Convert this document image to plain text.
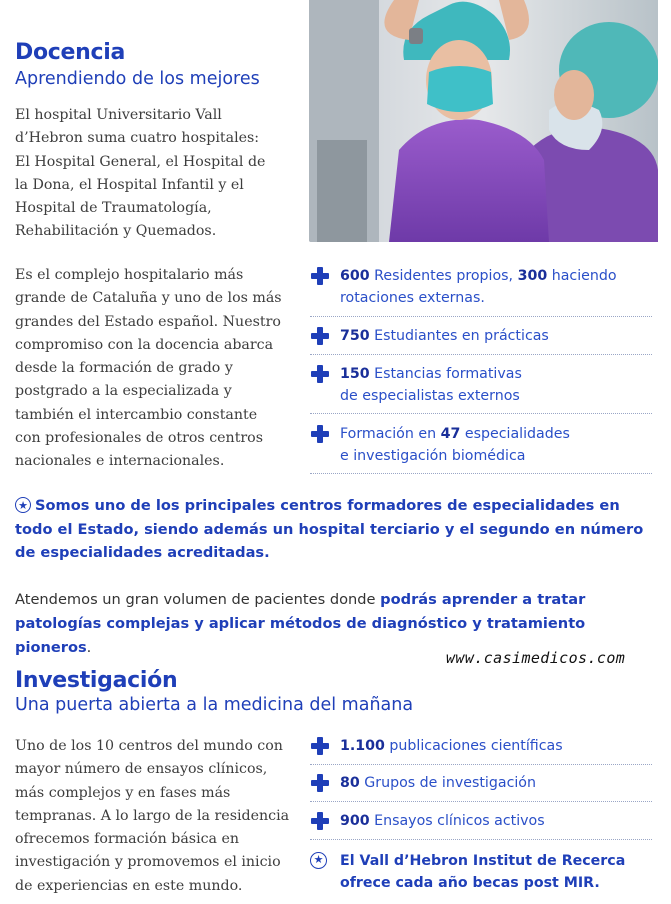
Docencia
Aprendiendo de los mejores
El hospital Universitario Vall
d’Hebron suma cuatro hospitales:
El Hospital General, el Hospital de
la Dona, el Hospital Infantil y el
Hospital de Traumatología,
Rehabilitación y Quemados.
Es el complejo hospitalario más
grande de Cataluña y uno de los más
grandes del Estado español. Nuestro
compromiso con la docencia abarca
desde la formación de grado y
postgrado a la especializada y
también el intercambio constante
con profesionales de otros centros
nacionales e internacionales.
600 Residentes propios, 300 haciendo
rotaciones externas.
750 Estudiantes en prácticas
150 Estancias formativas
de especialistas externos
Formación en 47 especialidades
e investigación biomédica
★ Somos uno de los principales centros formadores de especialidades en todo el Estado, siendo además un hospital terciario y el segundo en número de especialidades acreditadas.
Atendemos un gran volumen de pacientes donde podrás aprender a tratar patologías complejas y aplicar métodos de diagnóstico y tratamiento pioneros.
www.casimedicos.com
Investigación
Una puerta abierta a la medicina del mañana
Uno de los 10 centros del mundo con
mayor número de ensayos clínicos,
más complejos y en fases más
tempranas. A lo largo de la residencia
ofrecemos formación básica en
investigación y promovemos el inicio
de experiencias en este mundo.
1.100 publicaciones científicas
80 Grupos de investigación
900 Ensayos clínicos activos
★ El Vall d’Hebron Institut de Recerca
ofrece cada año becas post MIR.
